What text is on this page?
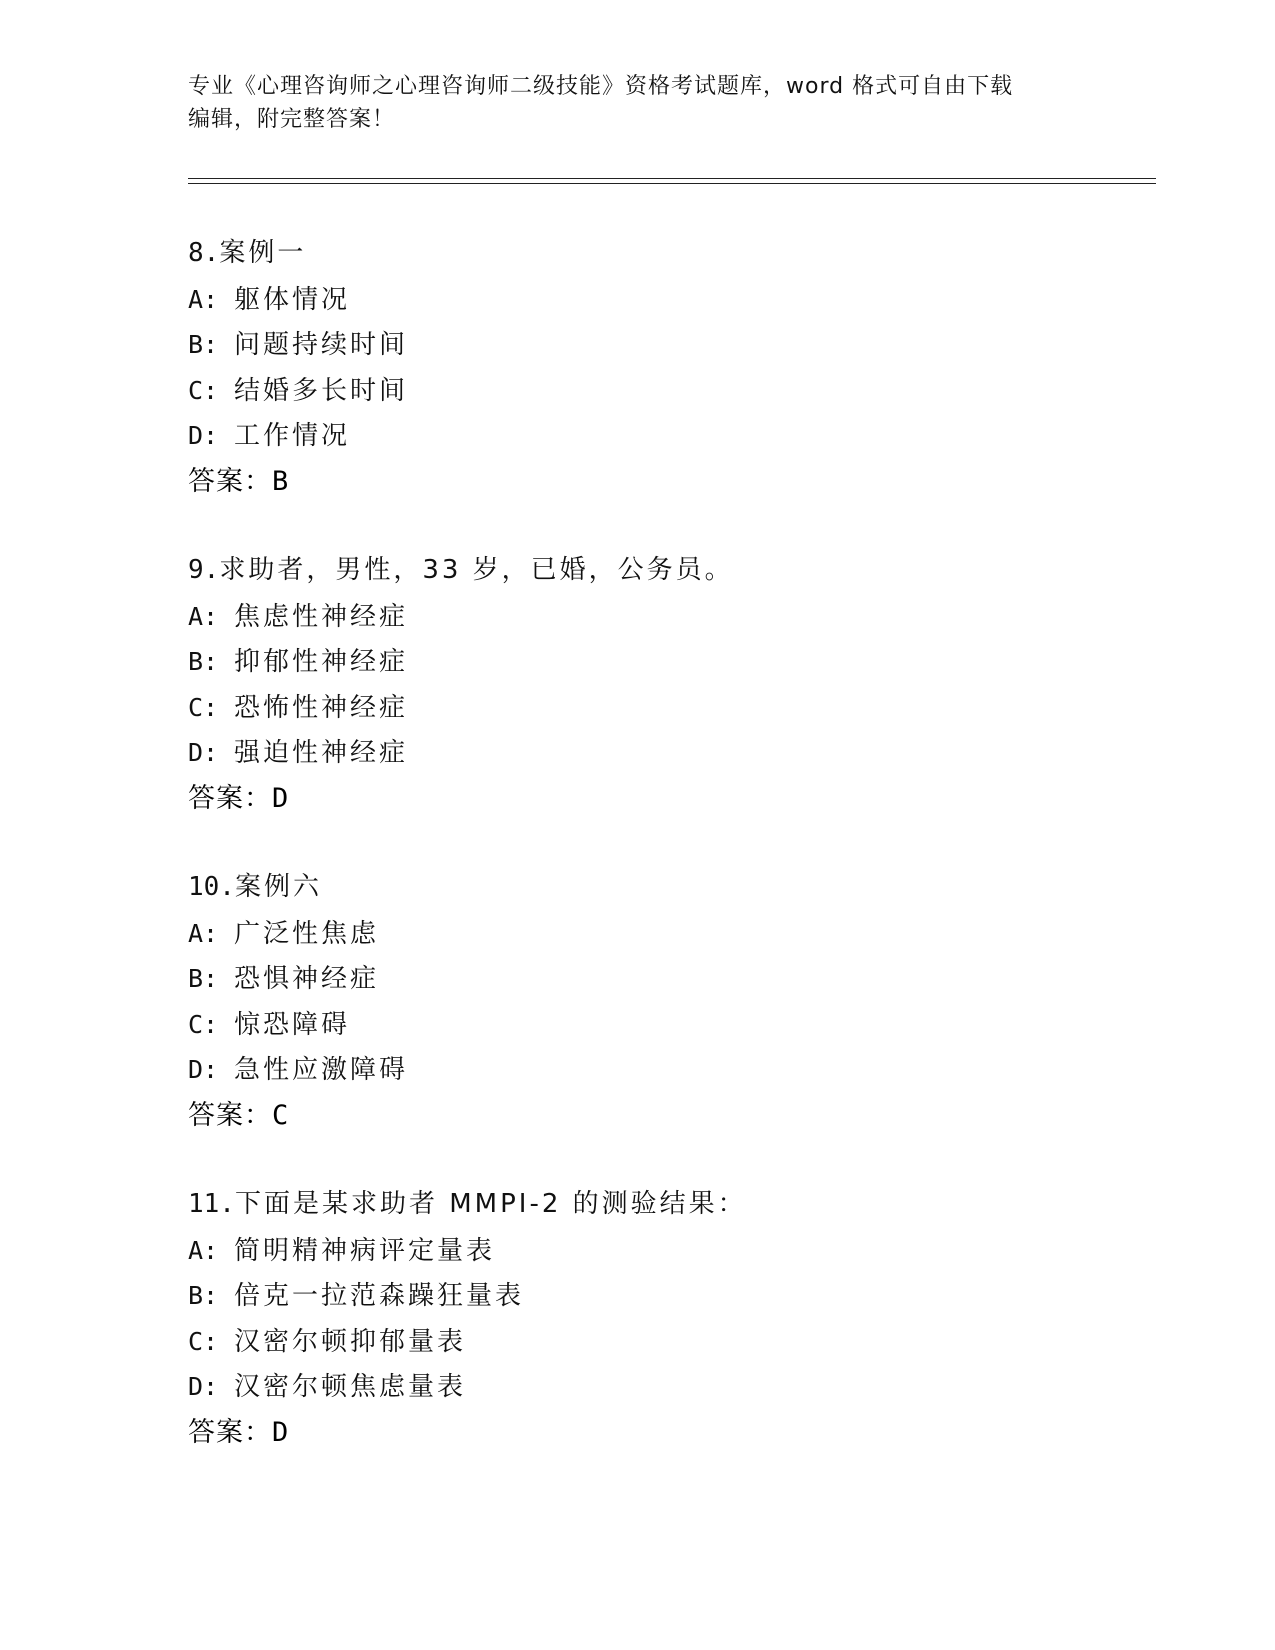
专业《心理咨询师之心理咨询师二级技能》资格考试题库，word 格式可自由下载
编辑，附完整答案！
8.案例一
A: 躯体情况
B: 问题持续时间
C: 结婚多长时间
D: 工作情况
答案：B
9.求助者，男性，33 岁，已婚，公务员。
A: 焦虑性神经症
B: 抑郁性神经症
C: 恐怖性神经症
D: 强迫性神经症
答案：D
10.案例六
A: 广泛性焦虑
B: 恐惧神经症
C: 惊恐障碍
D: 急性应激障碍
答案：C
11.下面是某求助者 MMPI-2 的测验结果：
A: 简明精神病评定量表
B: 倍克一拉范森躁狂量表
C: 汉密尔顿抑郁量表
D: 汉密尔顿焦虑量表
答案：D
